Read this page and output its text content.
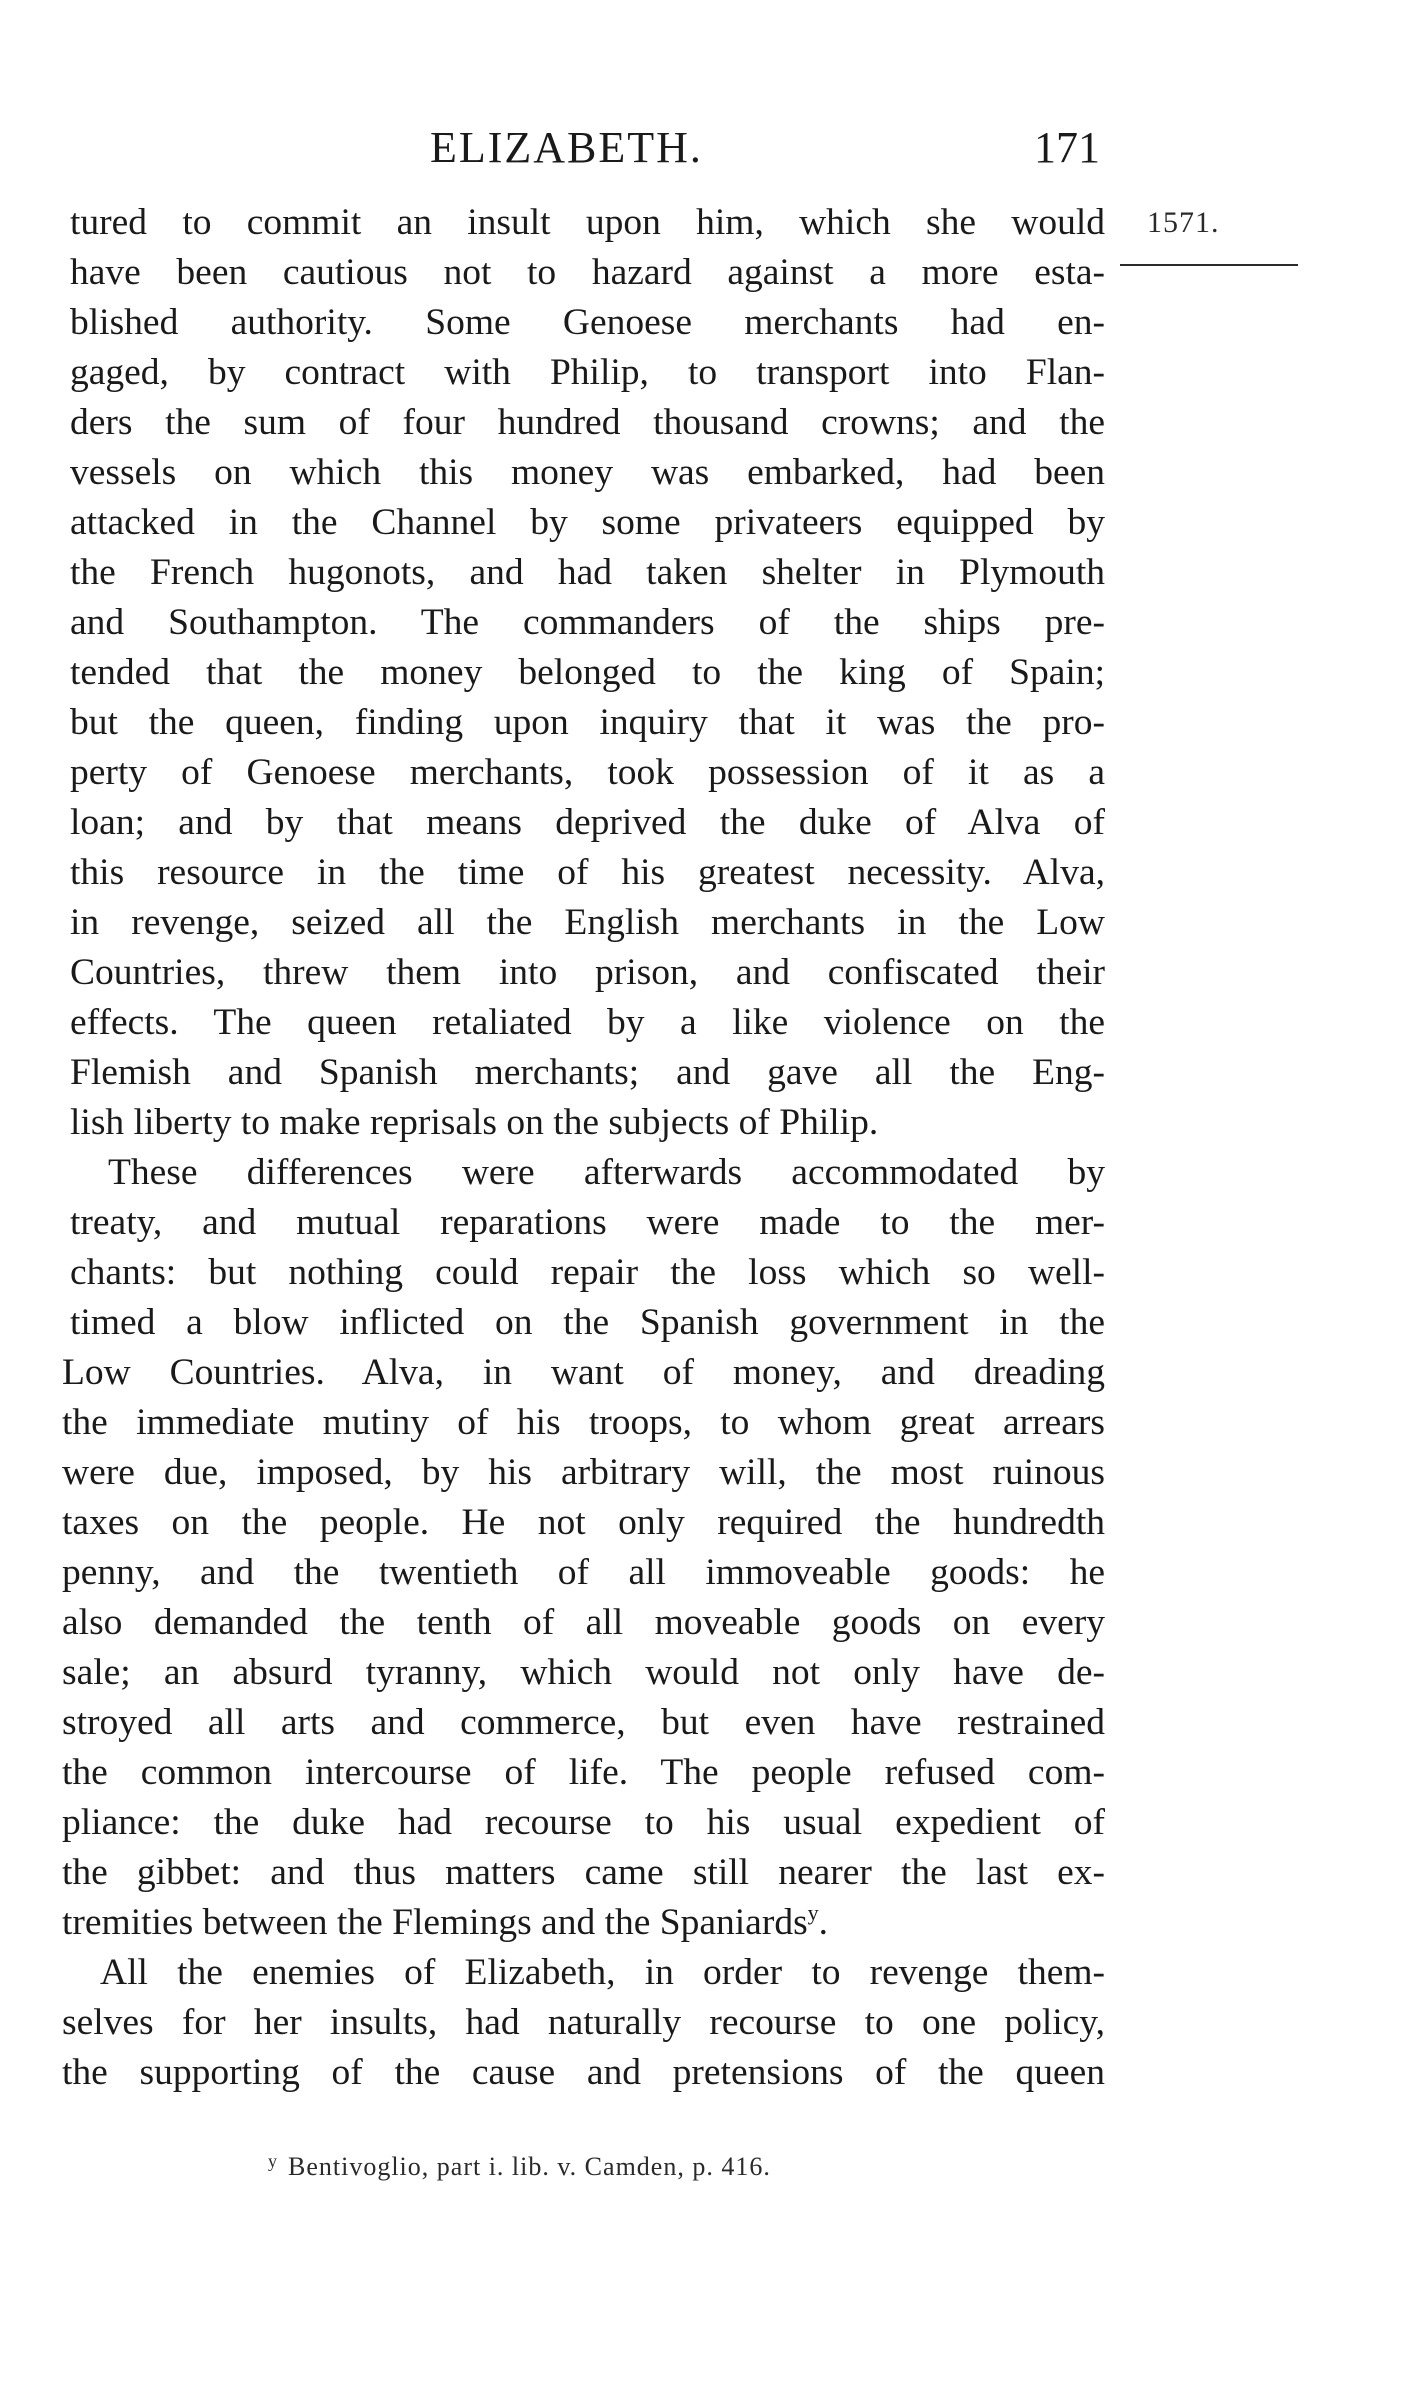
ELIZABETH.	171
1571.
tured to commit an insult upon him, which she would
have been cautious not to hazard against a more esta-
blished authority. Some Genoese merchants had en-
gaged, by contract with Philip, to transport into Flan-
ders the sum of four hundred thousand crowns; and the
vessels on which this money was embarked, had been
attacked in the Channel by some privateers equipped by
the French hugonots, and had taken shelter in Plymouth
and Southampton. The commanders of the ships pre-
tended that the money belonged to the king of Spain;
but the queen, finding upon inquiry that it was the pro-
perty of Genoese merchants, took possession of it as a
loan; and by that means deprived the duke of Alva of
this resource in the time of his greatest necessity. Alva,
in revenge, seized all the English merchants in the Low
Countries, threw them into prison, and confiscated their
effects. The queen retaliated by a like violence on the
Flemish and Spanish merchants; and gave all the Eng-
lish liberty to make reprisals on the subjects of Philip.
These differences were afterwards accommodated by
treaty, and mutual reparations were made to the mer-
chants: but nothing could repair the loss which so well-
timed a blow inflicted on the Spanish government in the
Low Countries. Alva, in want of money, and dreading
the immediate mutiny of his troops, to whom great arrears
were due, imposed, by his arbitrary will, the most ruinous
taxes on the people. He not only required the hundredth
penny, and the twentieth of all immoveable goods: he
also demanded the tenth of all moveable goods on every
sale; an absurd tyranny, which would not only have de-
stroyed all arts and commerce, but even have restrained
the common intercourse of life. The people refused com-
pliance: the duke had recourse to his usual expedient of
the gibbet: and thus matters came still nearer the last ex-
tremities between the Flemings and the Spaniards$^y$.
All the enemies of Elizabeth, in order to revenge them-
selves for her insults, had naturally recourse to one policy,
the supporting of the cause and pretensions of the queen
$^y$ Bentivoglio, part i. lib. v. Camden, p. 416.
